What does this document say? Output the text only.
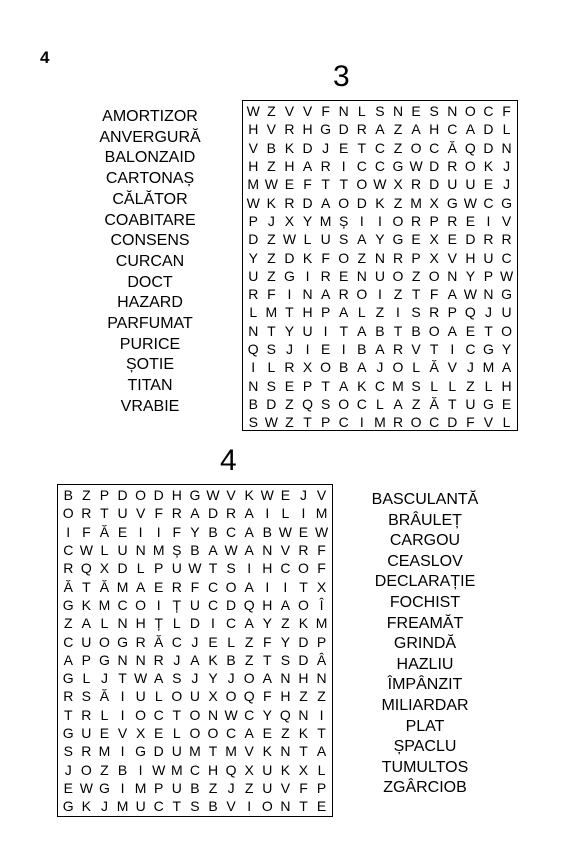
4
3
AMORTIZOR
ANVERGURĂ
BALONZAID
CARTONAȘ
CĂLĂTOR
COABITARE
CONSENS
CURCAN
DOCT
HAZARD
PARFUMAT
PURICE
ȘOTIE
TITAN
VRABIE
W Z V V F N L S N E S N O C F
H V R H G D R A Z A H C A D L
V B K D J E T C Z O C Ă Q D N
H Z H A R I C C G W D R O K J
M W E F T T O W X R D U U E J
W K R D A O D K Z M X G W C G
P J X Y M Ș I	I O R P R E I V
D Z W L U S A Y G E X E D R R
Y Z D K F O Z N R P X V H U C
U Z G I R E N U O Z O N Y P W
R F I N A R O I Z T F A W N G
L M T H P A L Z I S R P Q J U
N T Y U I T A B T B O A E T O
Q S J I E I B A R V T I C G Y
I L R X O B A J O L Ă V J M A
N S E P T A K C M S L L Z L H
B D Z Q S O C L A Z Ă T U G E
S W Z T P C I M R O C D F V L
4
B Z P D O D H G W V K W E J V
O R T U V F R A D R A I L I M
I F Ă E I	I F Y B C A B W E W
C W L U N M Ș B A W A N V R F
R Q X D L P U W T S I H C O F
Ă T Ă M A E R F C O A I	I T X
G K M C O I Ț U C D Q H A O Î
Z A L N H Ț L D I C A Y Z K M
C U O G R Ă C J E L Z F Y D P
A P G N N R J A K B Z T S D Â
G L J T W A S J Y J O A N H N
R S Ă I U L O U X O Q F H Z Z
T R L I O C T O N W C Y Q N I
G U E V X E L O O C A E Z K T
S R M I G D U M T M V K N T A
J O Z B I W M C H Q X U K X L
E W G I M P U B Z J Z U V F P
G K J M U C T S B V I O N T E
BASCULANTĂ
BRÂULEȚ
CARGOU
CEASLOV
DECLARAȚIE
FOCHIST
FREAMĂT
GRINDĂ
HAZLIU
ÎMPÂNZIT
MILIARDAR
PLAT
ȘPACLU
TUMULTOS
ZGÂRCIOB
